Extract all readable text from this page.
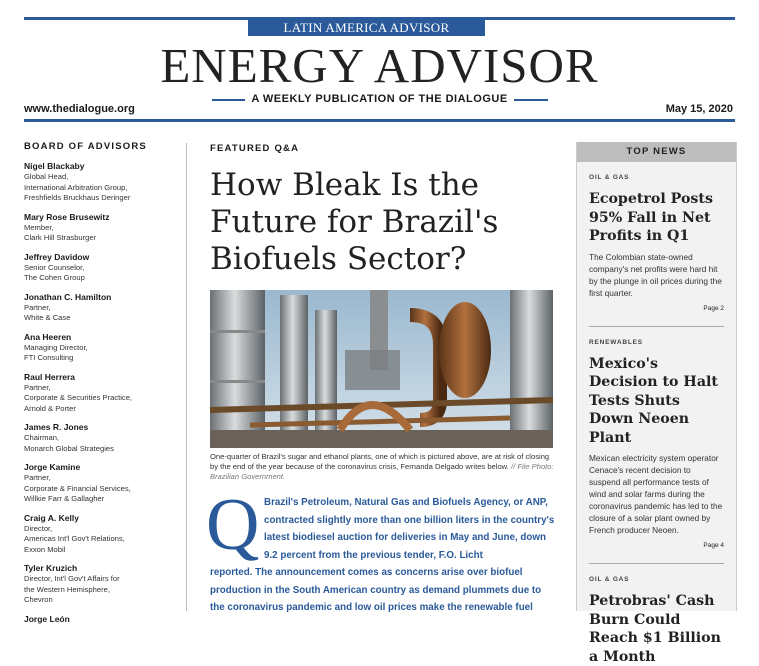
LATIN AMERICA ADVISOR
ENERGY ADVISOR
A WEEKLY PUBLICATION OF THE DIALOGUE
www.thedialogue.org	May 15, 2020
BOARD OF ADVISORS
Nigel Blackaby
Global Head,
International Arbitration Group,
Freshfields Bruckhaus Deringer
Mary Rose Brusewitz
Member,
Clark Hill Strasburger
Jeffrey Davidow
Senior Counselor,
The Cohen Group
Jonathan C. Hamilton
Partner,
White & Case
Ana Heeren
Managing Director,
FTI Consulting
Raul Herrera
Partner,
Corporate & Securities Practice,
Arnold & Porter
James R. Jones
Chairman,
Monarch Global Strategies
Jorge Kamine
Partner,
Corporate & Financial Services,
Willkie Farr & Gallagher
Craig A. Kelly
Director,
Americas Int'l Gov't Relations,
Exxon Mobil
Tyler Kruzich
Director, Int'l Gov't Affairs for
the Western Hemisphere,
Chevron
Jorge León
FEATURED Q&A
How Bleak Is the Future for Brazil's Biofuels Sector?
One-quarter of Brazil's sugar and ethanol plants, one of which is pictured above, are at risk of closing by the end of the year because of the coronavirus crisis, Fernanda Delgado writes below. // File Photo: Brazilian Government.
Q Brazil's Petroleum, Natural Gas and Biofuels Agency, or ANP, contracted slightly more than one billion liters in the country's latest biodiesel auction for deliveries in May and June, down 9.2 percent from the previous tender, F.O. Licht
reported. The announcement comes as concerns arise over biofuel production in the South American country as demand plummets due to the coronavirus pandemic and low oil prices make the renewable fuel
TOP NEWS
OIL & GAS
Ecopetrol Posts 95% Fall in Net Profits in Q1
The Colombian state-owned company's net profits were hard hit by the plunge in oil prices during the first quarter.
Page 2
RENEWABLES
Mexico's Decision to Halt Tests Shuts Down Neoen Plant
Mexican electricity system operator Cenace's recent decision to suspend all performance tests of wind and solar farms during the coronavirus pandemic has led to the closure of a solar plant owned by French producer Neoen.
Page 4
OIL & GAS
Petrobras' Cash Burn Could Reach $1 Billion a Month
